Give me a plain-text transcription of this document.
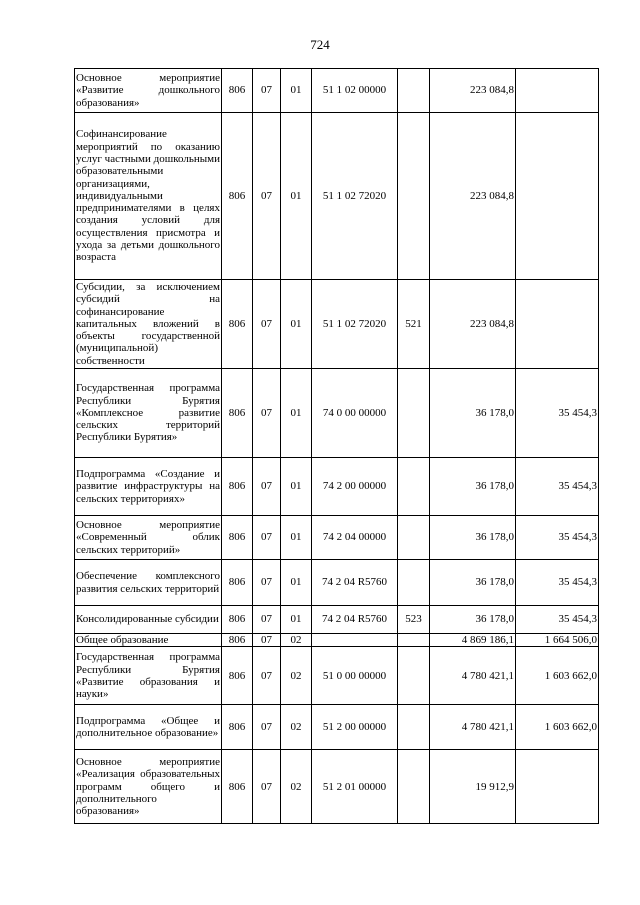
724
Основное мероприятие «Развитие дошкольного образования»	806	07	01	51 1 02 00000		223 084,8	
Софинансирование мероприятий по оказанию услуг частными дошкольными образовательными организациями, индивидуальными предпринимателями в целях создания условий для осуществления присмотра и ухода за детьми дошкольного возраста	806	07	01	51 1 02 72020		223 084,8	
Субсидии, за исключением субсидий на софинансирование капитальных вложений в объекты государственной (муниципальной) собственности	806	07	01	51 1 02 72020	521	223 084,8	
Государственная программа Республики Бурятия «Комплексное развитие сельских территорий Республики Бурятия»	806	07	01	74 0 00 00000		36 178,0	35 454,3
Подпрограмма «Создание и развитие инфраструктуры на сельских территориях»	806	07	01	74 2 00 00000		36 178,0	35 454,3
Основное мероприятие «Современный облик сельских территорий»	806	07	01	74 2 04 00000		36 178,0	35 454,3
Обеспечение комплексного развития сельских территорий	806	07	01	74 2 04 R5760		36 178,0	35 454,3
Консолидированные субсидии	806	07	01	74 2 04 R5760	523	36 178,0	35 454,3
Общее образование	806	07	02			4 869 186,1	1 664 506,0
Государственная программа Республики Бурятия «Развитие образования и науки»	806	07	02	51 0 00 00000		4 780 421,1	1 603 662,0
Подпрограмма «Общее и дополнительное образование»	806	07	02	51 2 00 00000		4 780 421,1	1 603 662,0
Основное мероприятие «Реализация образовательных программ общего и дополнительного образования»	806	07	02	51 2 01 00000		19 912,9	
